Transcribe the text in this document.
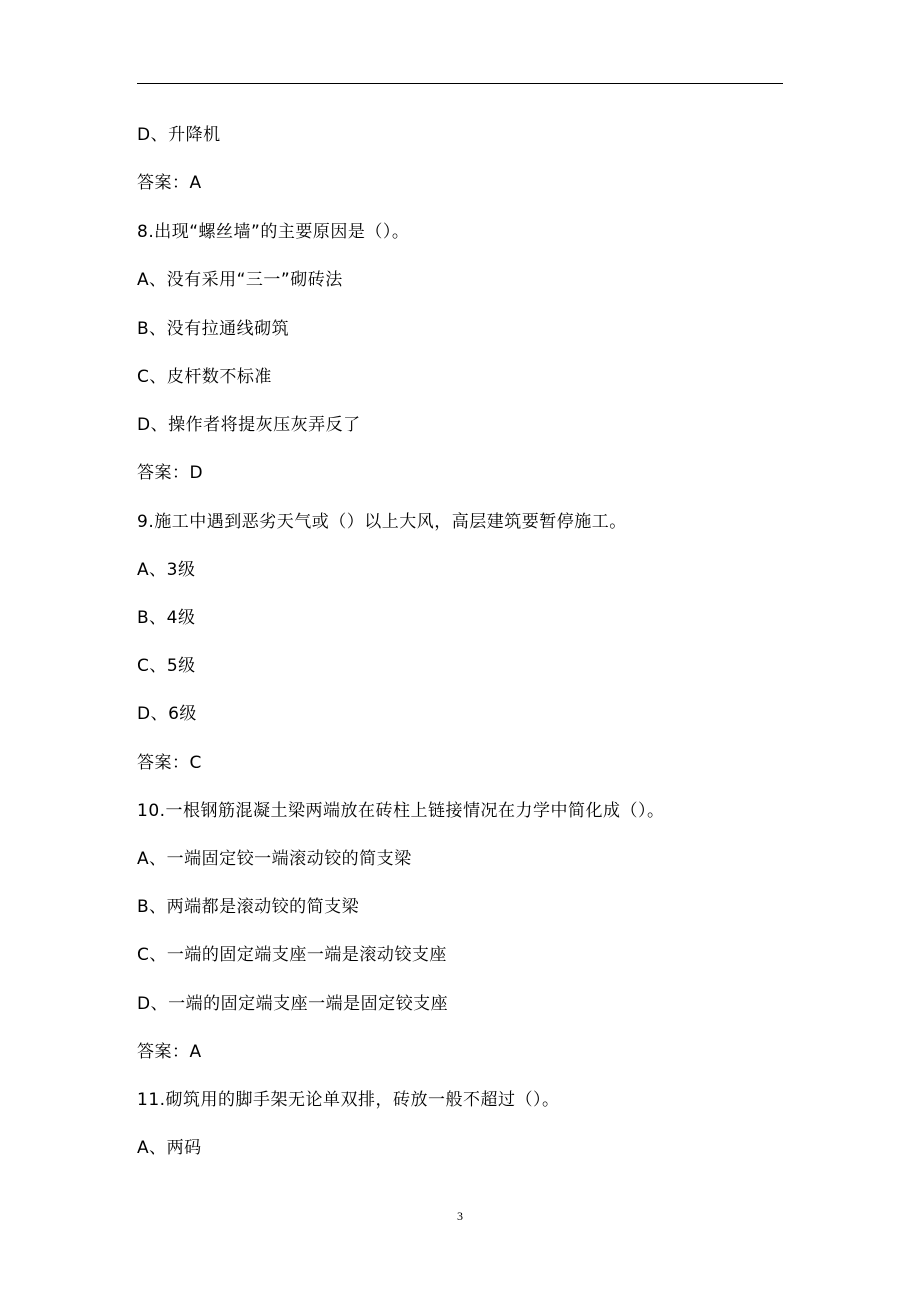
D、升降机
答案：A
8.出现“螺丝墙”的主要原因是（）。
A、没有采用“三一”砌砖法
B、没有拉通线砌筑
C、皮杆数不标准
D、操作者将提灰压灰弄反了
答案：D
9.施工中遇到恶劣天气或（）以上大风，高层建筑要暂停施工。
A、3级
B、4级
C、5级
D、6级
答案：C
10.一根钢筋混凝土梁两端放在砖柱上链接情况在力学中简化成（）。
A、一端固定铰一端滚动铰的简支梁
B、两端都是滚动铰的简支梁
C、一端的固定端支座一端是滚动铰支座
D、一端的固定端支座一端是固定铰支座
答案：A
11.砌筑用的脚手架无论单双排，砖放一般不超过（）。
A、两码
3
